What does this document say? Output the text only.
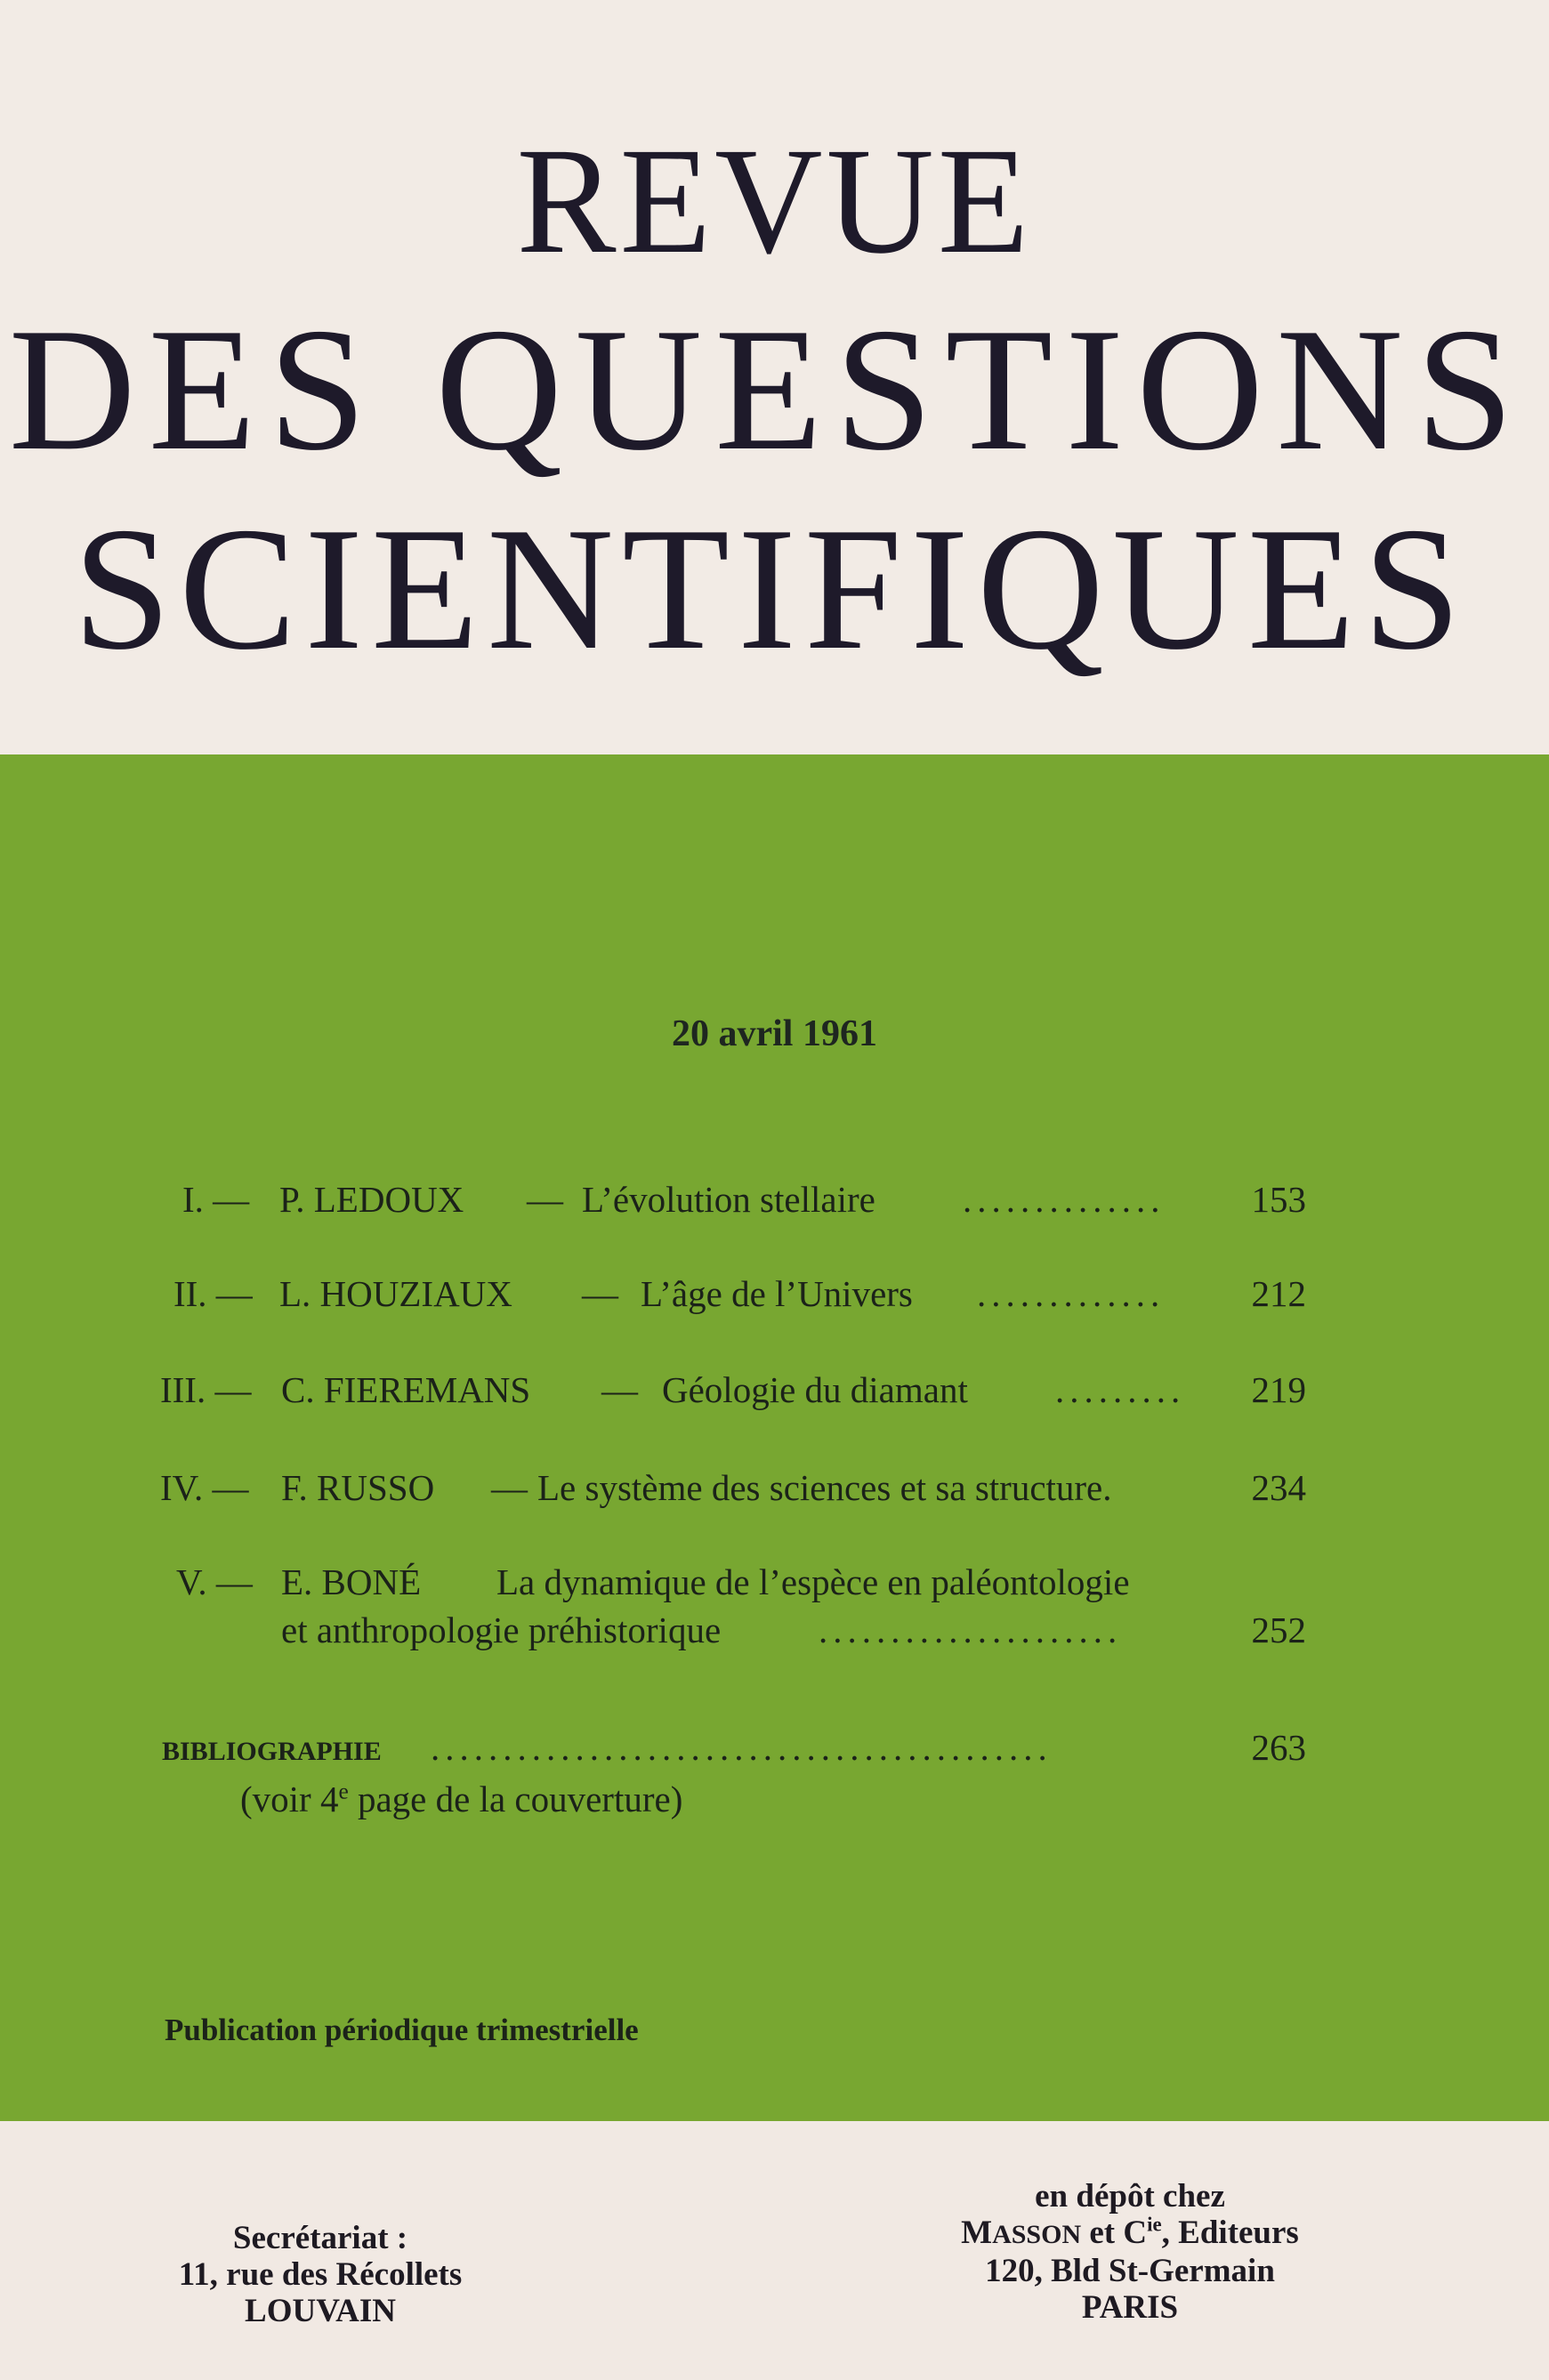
REVUE
DES QUESTIONS
SCIENTIFIQUES
20 avril 1961
I. — P. LEDOUX — L’évolution stellaire ..............	153
II. — L. HOUZIAUX — L’âge de l’Univers .............	212
III. — C. FIEREMANS — Géologie du diamant .........	219
IV. — F. RUSSO — Le système des sciences et sa structure.	234
V. — E. BONÉ La dynamique de l’espèce en paléontologie
et anthropologie préhistorique	.....................	252
BIBLIOGRAPHIE ...........................................	263
(voir 4e page de la couverture)
Publication périodique trimestrielle
Secrétariat :
11, rue des Récollets
LOUVAIN
en dépôt chez
MASSON et $C^{ie}$, Editeurs
120, Bld St-Germain
PARIS
